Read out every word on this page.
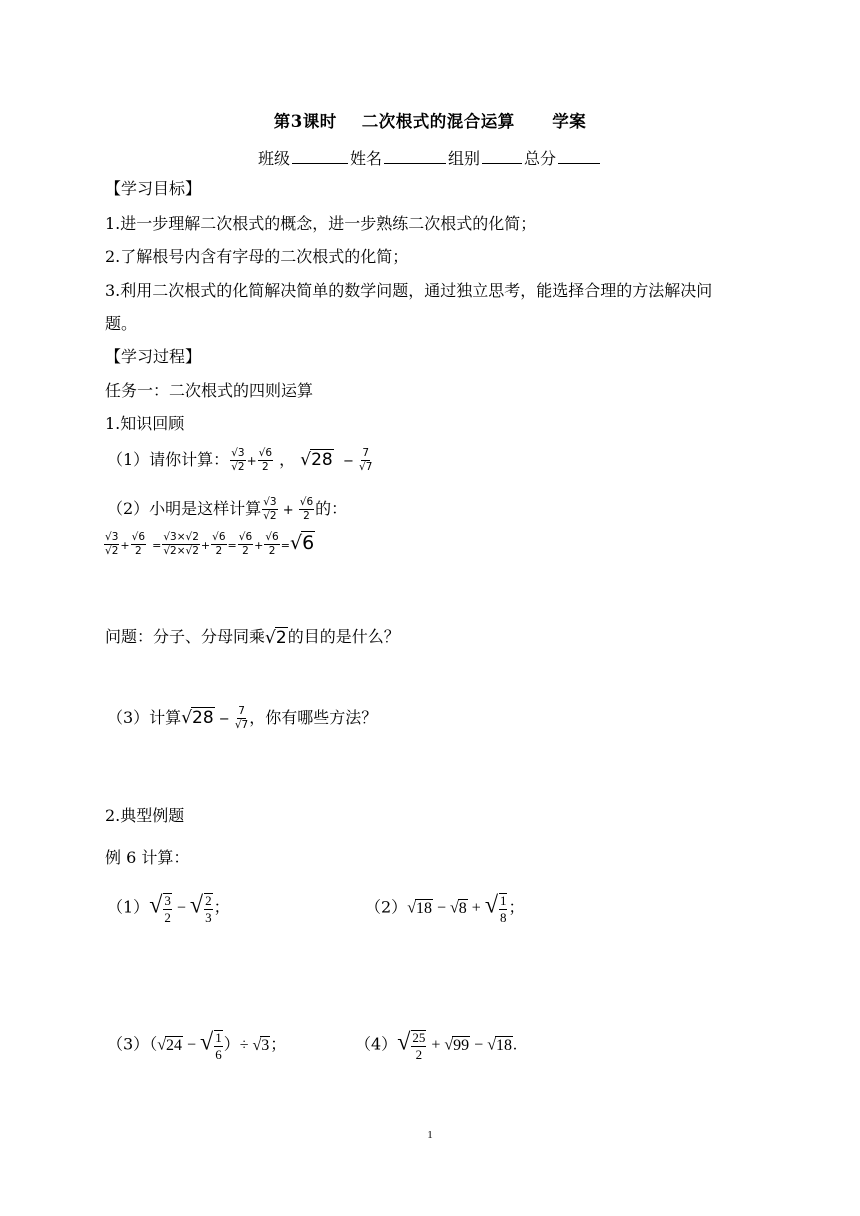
第3课时 二次根式的混合运算 学案
班级	姓名	组别	总分
【学习目标】
1.进一步理解二次根式的概念，进一步熟练二次根式的化简；
2.了解根号内含有字母的二次根式的化简；
3.利用二次根式的化简解决简单的数学问题，通过独立思考，能选择合理的方法解决问
题。
【学习过程】
任务一：二次根式的四则运算
1.知识回顾
（1）请你计算： $\frac{√3}{√2} + \frac{√6}{2}$ ， $√28 - \frac{7}{√7}$
（2）小明是这样计算 $\frac{√3}{√2} + \frac{√6}{2}$ 的：
$\frac{√3}{√2} + \frac{√6}{2} = \frac{√3\times√2}{√2\times√2} + \frac{√6}{2} = \frac{√6}{2} + \frac{√6}{2} =√6$
问题：分子、分母同乘√2的目的是什么？
（3）计算$√28 - \frac{7}{√7}$ ，你有哪些方法？
2.典型例题
例 6 计算：
$(1)√ \frac{3}{2}$ − √ $\frac{2}{3}$ ；	（2）√18 − √8 + √ $\frac{1}{8}$ ；
（3）（√24 − √ $\frac{1}{6}$ ）÷ √3；	$(4)√ \frac{25}{2} + √99 - √18$.
1
